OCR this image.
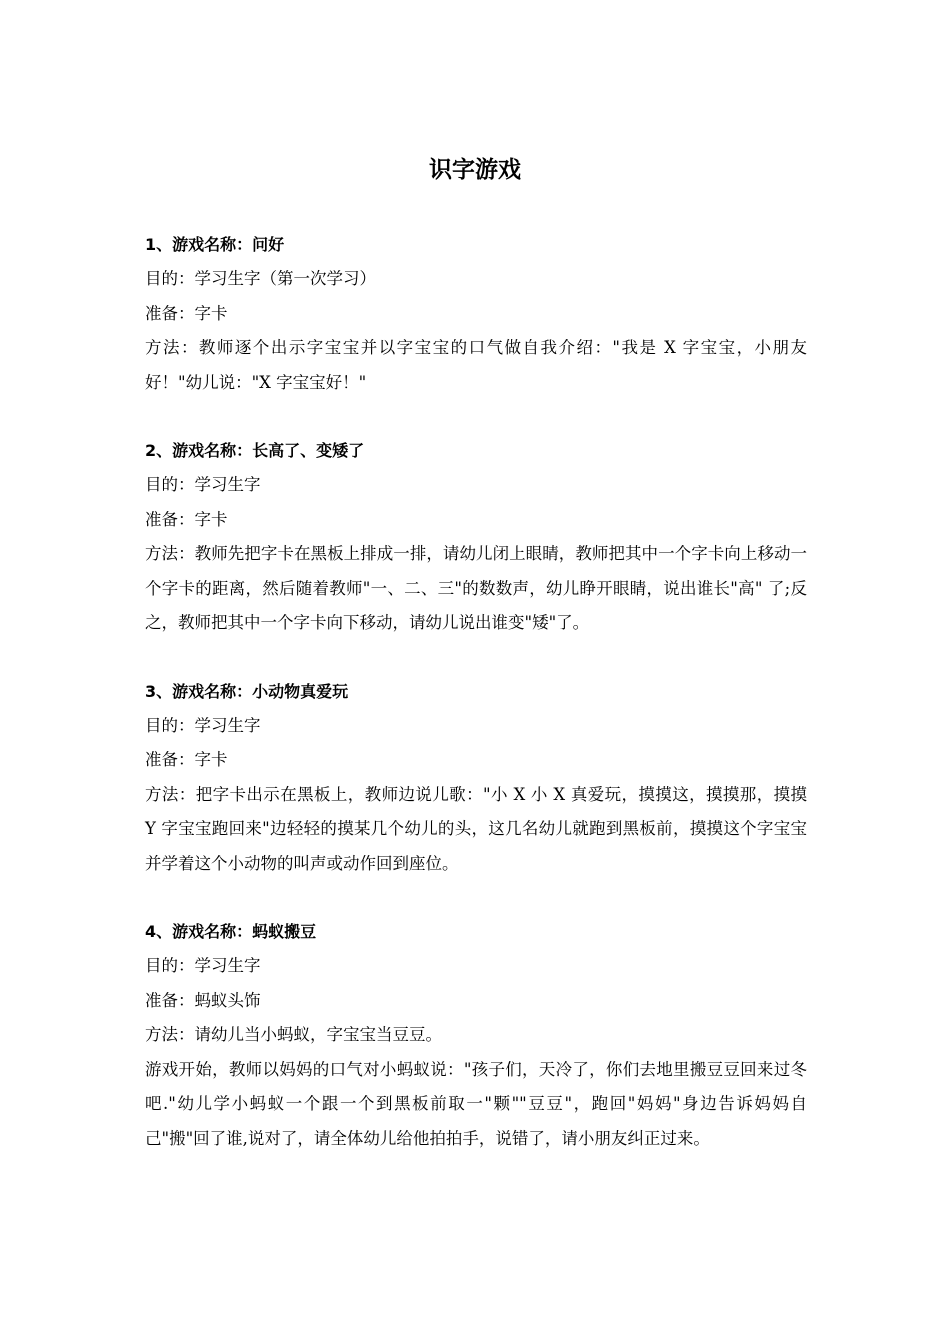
识字游戏

1、游戏名称：问好

目的：学习生字（第一次学习）

准备：字卡

方法：教师逐个出示字宝宝并以字宝宝的口气做自我介绍："我是 X 字宝宝，小朋友好！"幼儿说："X 字宝宝好！"

2、游戏名称：长高了、变矮了

目的：学习生字

准备：字卡

方法：教师先把字卡在黑板上排成一排，请幼儿闭上眼睛，教师把其中一个字卡向上移动一个字卡的距离，然后随着教师"一、二、三"的数数声，幼儿睁开眼睛，说出谁长"高" 了;反之，教师把其中一个字卡向下移动，请幼儿说出谁变"矮"了。

3、游戏名称：小动物真爱玩

目的：学习生字

准备：字卡

方法：把字卡出示在黑板上，教师边说儿歌："小 X 小 X 真爱玩，摸摸这，摸摸那，摸摸 Y 字宝宝跑回来"边轻轻的摸某几个幼儿的头，这几名幼儿就跑到黑板前，摸摸这个字宝宝并学着这个小动物的叫声或动作回到座位。

4、游戏名称：蚂蚁搬豆

目的：学习生字

准备：蚂蚁头饰

方法：请幼儿当小蚂蚁，字宝宝当豆豆。

游戏开始，教师以妈妈的口气对小蚂蚁说："孩子们，天冷了，你们去地里搬豆豆回来过冬吧."幼儿学小蚂蚁一个跟一个到黑板前取一"颗""豆豆"，跑回"妈妈"身边告诉妈妈自己"搬"回了谁,说对了，请全体幼儿给他拍拍手，说错了，请小朋友纠正过来。
